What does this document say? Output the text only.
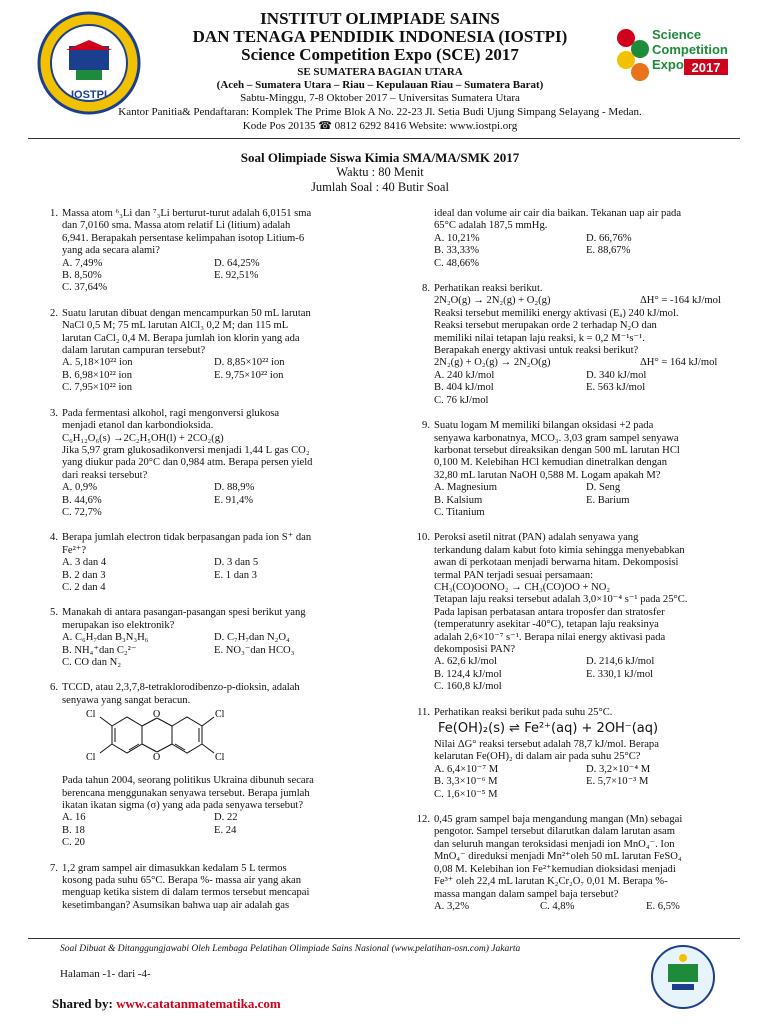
IOSTPI
INSTITUT OLIMPIADE SAINS
DAN TENAGA PENDIDIK INDONESIA (IOSTPI)
Science Competition Expo (SCE) 2017
SE SUMATERA BAGIAN UTARA
(Aceh – Sumatera Utara – Riau – Kepulauan Riau – Sumatera Barat)
Sabtu-Minggu, 7-8 Oktober 2017 – Universitas Sumatera Utara
Kantor Panitia& Pendaftaran: Komplek The Prime Blok A No. 22-23 Jl. Setia Budi Ujung Simpang Selayang - Medan.
Kode Pos 20135 ☎ 0812 6292 8416 Website: www.iostpi.org
Science
Competition
Expo 2017
Soal Olimpiade Siswa Kimia SMA/MA/SMK 2017
Waktu : 80 Menit
Jumlah Soal : 40 Butir Soal
1. Massa atom ⁶₃Li dan ⁷₃Li berturut-turut adalah 6,0151 sma
dan 7,0160 sma. Massa atom relatif Li (litium) adalah
6,941. Berapakah persentase kelimpahan isotop Litium-6
yang ada secara alami?
A. 7,49%	D. 64,25%
B. 8,50%	E. 92,51%
C. 37,64%
2. Suatu larutan dibuat dengan mencampurkan 50 mL larutan
NaCl 0,5 M; 75 mL larutan AlCl₃ 0,2 M; dan 115 mL
larutan CaCl₂ 0,4 M. Berapa jumlah ion klorin yang ada
dalam larutan campuran tersebut?
A. 5,18×10²² ion	D. 8,85×10²² ion
B. 6,98×10²² ion	E. 9,75×10²² ion
C. 7,95×10²² ion
3. Pada fermentasi alkohol, ragi mengonversi glukosa
menjadi etanol dan karbondioksida.
C₆H₁₂O₆(s) →2C₂H₅OH(l) + 2CO₂(g)
Jika 5,97 gram glukosadikonversi menjadi 1,44 L gas CO₂
yang diukur pada 20°C dan 0,984 atm. Berapa persen yield
dari reaksi tersebut?
A. 0,9%	D. 88,9%
B. 44,6%	E. 91,4%
C. 72,7%
4. Berapa jumlah electron tidak berpasangan pada ion S⁺ dan
Fe²⁺?
A. 3 dan 4	D. 3 dan 5
B. 2 dan 3	E. 1 dan 3
C. 2 dan 4
5. Manakah di antara pasangan-pasangan spesi berikut yang
merupakan iso elektronik?
A. C₆H₇dan B₃N₃H₆	D. C₇H₇dan N₂O₄
B. NH₄⁺dan C₂²⁻	E. NO₃⁻dan HCO₃
C. CO dan N₂
6. TCCD, atau 2,3,7,8-tetraklorodibenzo-p-dioksin, adalah
senyawa yang sangat beracun.
Cl
Cl
Cl
Cl
O
O
Pada tahun 2004, seorang politikus Ukraina dibunuh secara
berencana menggunakan senyawa tersebut. Berapa jumlah
ikatan ikatan sigma (σ) yang ada pada senyawa tersebut?
A. 16	D. 22
B. 18	E. 24
C. 20
7. 1,2 gram sampel air dimasukkan kedalam 5 L termos
kosong pada suhu 65°C. Berapa %- massa air yang akan
menguap ketika sistem di dalam termos tersebut mencapai
kesetimbangan? Asumsikan bahwa uap air adalah gas
ideal dan volume air cair dia baikan. Tekanan uap air pada
65°C adalah 187,5 mmHg.
A. 10,21%	D. 66,76%
B. 33,33%	E. 88,67%
C. 48,66%
8. Perhatikan reaksi berikut.
2N₂O(g) → 2N₂(g) + O₂(g)	ΔH° = -164 kJ/mol
Reaksi tersebut memiliki energy aktivasi (Eₐ) 240 kJ/mol.
Reaksi tersebut merupakan orde 2 terhadap N₂O dan
memiliki nilai tetapan laju reaksi, k = 0,2 M⁻¹s⁻¹.
Berapakah energy aktivasi untuk reaksi berikut?
2N₂(g) + O₂(g) → 2N₂O(g)	ΔH° = 164 kJ/mol
A. 240 kJ/mol	D. 340 kJ/mol
B. 404 kJ/mol	E. 563 kJ/mol
C. 76 kJ/mol
9. Suatu logam M memiliki bilangan oksidasi +2 pada
senyawa karbonatnya, MCO₃. 3,03 gram sampel senyawa
karbonat tersebut direaksikan dengan 500 mL larutan HCl
0,100 M. Kelebihan HCl kemudian dinetralkan dengan
32,80 mL larutan NaOH 0,588 M. Logam apakah M?
A. Magnesium	D. Seng
B. Kalsium	E. Barium
C. Titanium
10. Peroksi asetil nitrat (PAN) adalah senyawa yang
terkandung dalam kabut foto kimia sehingga menyebabkan
awan di perkotaan menjadi berwarna hitam. Dekomposisi
termal PAN terjadi sesuai persamaan:
CH₃(CO)OONO₂ → CH₃(CO)OO + NO₂
Tetapan laju reaksi tersebut adalah 3,0×10⁻⁴ s⁻¹ pada 25°C.
Pada lapisan perbatasan antara troposfer dan stratosfer
(temperatunry asekitar -40°C), tetapan laju reaksinya
adalah 2,6×10⁻⁷ s⁻¹. Berapa nilai energy aktivasi pada
dekomposisi PAN?
A. 62,6 kJ/mol	D. 214,6 kJ/mol
B. 124,4 kJ/mol	E. 330,1 kJ/mol
C. 160,8 kJ/mol
11. Perhatikan reaksi berikut pada suhu 25°C.
Fe(OH)₂(s) ⇌ Fe²⁺(aq) + 2OH⁻(aq)
Nilai ΔG° reaksi tersebut adalah 78,7 kJ/mol. Berapa
kelarutan Fe(OH)₂ di dalam air pada suhu 25°C?
A. 6,4×10⁻⁷ M	D. 3,2×10⁻⁴ M
B. 3,3×10⁻⁶ M	E. 5,7×10⁻³ M
C. 1,6×10⁻⁵ M
12. 0,45 gram sampel baja mengandung mangan (Mn) sebagai
pengotor. Sampel tersebut dilarutkan dalam larutan asam
dan seluruh mangan teroksidasi menjadi ion MnO₄⁻. Ion
MnO₄⁻ direduksi menjadi Mn²⁺oleh 50 mL larutan FeSO₄
0,08 M. Kelebihan ion Fe²⁺kemudian dioksidasi menjadi
Fe³⁺ oleh 22,4 mL larutan K₂Cr₂O₇ 0,01 M. Berapa %-
massa mangan dalam sampel baja tersebut?
A. 3,2%	C. 4,8%	E. 6,5%
Soal Dibuat & Ditanggungjawabi Oleh Lembaga Pelatihan Olimpiade Sains Nasional (www.pelatihan-osn.com) Jakarta
Halaman -1- dari -4-
Shared by: www.catatanmatematika.com
